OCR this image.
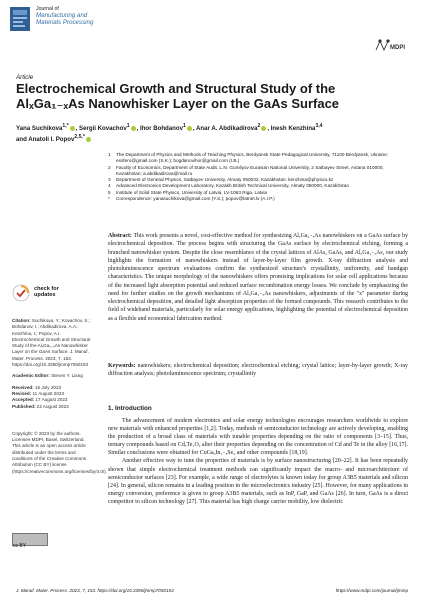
Journal of
Manufacturing and
Materials Processing
MDPI
Article
Electrochemical Growth and Structural Study of the AlₓGa₁₋ₓAs Nanowhisker Layer on the GaAs Surface
Yana Suchikova$^{1,*}$ , Sergii Kovachov$^1$ , Ihor Bohdanov$^1$ , Anar A. Abdikadirova$^2$ , Inesh Kenzhina$^{3,4}$
and Anatoli I. Popov$^{2,5,*}$
1	The Department of Physics and Methods of Teaching Physics, Berdyansk State Pedagogical University, 71100 Berdyansk, Ukraine; essfero@gmail.com (S.K.); bogdanovihor@gmail.com (I.B.)
2	Faculty of Economics, Department of State Audit, L.N. Gumilyov Eurasian National University, 2 Satbayev Street, Astana 010000, Kazakhstan; a.abdikadirova@mail.ru
3	Department of General Physics, Satbayev University, Almaty 050032, Kazakhstan; kenzhina@physics.kz
4	Advanced Electronics Development Laboratory, Kazakh British Technical University, Almaty 050000, Kazakhstan
5	Institute of Solid State Physics, University of Latvia, LV-1063 Riga, Latvia
*	Correspondence: yanasuchikova@gmail.com (Y.S.); popov@latnet.lv (A.I.P.)
Abstract: This work presents a novel, cost-effective method for synthesizing AlₓGa₁₋ₓAs nanowhiskers on a GaAs surface by electrochemical deposition. The process begins with structuring the GaAs surface by electrochemical etching, forming a branched nanowhisker system. Despite the close resemblance of the crystal lattices of AlAs, GaAs, and AlₓGa₁₋ₓAs, our study highlights the formation of nanowhiskers instead of layer-by-layer film growth. X-ray diffraction analysis and photoluminescence spectrum evaluations confirm the synthesized structure's crystallinity, uniformity, and bandgap characteristics. The unique morphology of the nanowhiskers offers promising implications for solar cell applications because of the increased light absorption potential and reduced surface recombination energy losses. We conclude by emphasizing the need for further studies on the growth mechanisms of AlₓGa₁₋ₓAs nanowhiskers, adjustments of the "x" parameter during electrochemical deposition, and detailed light absorption properties of the formed compounds. This research contributes to the field of wideband materials, particularly for solar energy applications, highlighting the potential of electrochemical deposition as a flexible and economical fabrication method.
Keywords: nanowhiskers; electrochemical deposition; electrochemical etching; crystal lattice; layer-by-layer growth; X-ray diffraction analysis; photoluminescence spectrum; crystallinity
check for
updates
Citation: Suchikova, Y.; Kovachov, S.; Bohdanov, I.; Abdikadirova, A.A.; Kenzhina, I.; Popov, A.I. Electrochemical Growth and Structural Study of the AlₓGa₁₋ₓAs Nanowhisker Layer on the GaAs Surface. J. Manuf. Mater. Process. 2023, 7, 153. https://doi.org/10.3390/jmmp7050153
Academic Editor: Steven Y. Liang
Received: 16 July 2023
Revised: 11 August 2023
Accepted: 17 August 2023
Published: 22 August 2023
Copyright: © 2023 by the authors. Licensee MDPI, Basel, Switzerland. This article is an open access article distributed under the terms and conditions of the Creative Commons Attribution (CC BY) license (https://creativecommons.org/licenses/by/4.0/).
cc BY
1. Introduction

The advancement of modern electronics and solar energy technologies encourages researchers worldwide to explore new materials with enhanced properties [1,2]. Today, methods of semiconductor technology are actively developing, enabling the production of a broad class of materials with tunable properties depending on the ratio of components [3–15]. Thus, ternary compounds based on CdₓTe₁Oᵧ alter their properties depending on the concentration of Cd and Te in the alloy [16,17]. Similar conclusions were obtained for CuGaₓIn₁₋ₓSe₂ and other compounds [18,19].

Another effective way to tune the properties of materials is by surface nanostructuring [20–22]. It has been repeatedly shown that simple electrochemical treatment methods can significantly impact the macro- and microarchitecture of semiconductor surfaces [23]. For example, a wide range of electrolytes is known today for group A3B5 materials and silicon [24]. In general, silicon remains in a leading position in the microelectronics industry [25]. However, for many applications in energy conversion, preference is given to group A3B5 materials, such as InP, GaP, and GaAs [26]. In turn, GaAs is a direct competitor to silicon technology [27]. This material has high charge carrier mobility, low dielectric

J. Manuf. Mater. Process. 2023, 7, 153. https://doi.org/10.3390/jmmp7050153	https://www.mdpi.com/journal/jmmp
